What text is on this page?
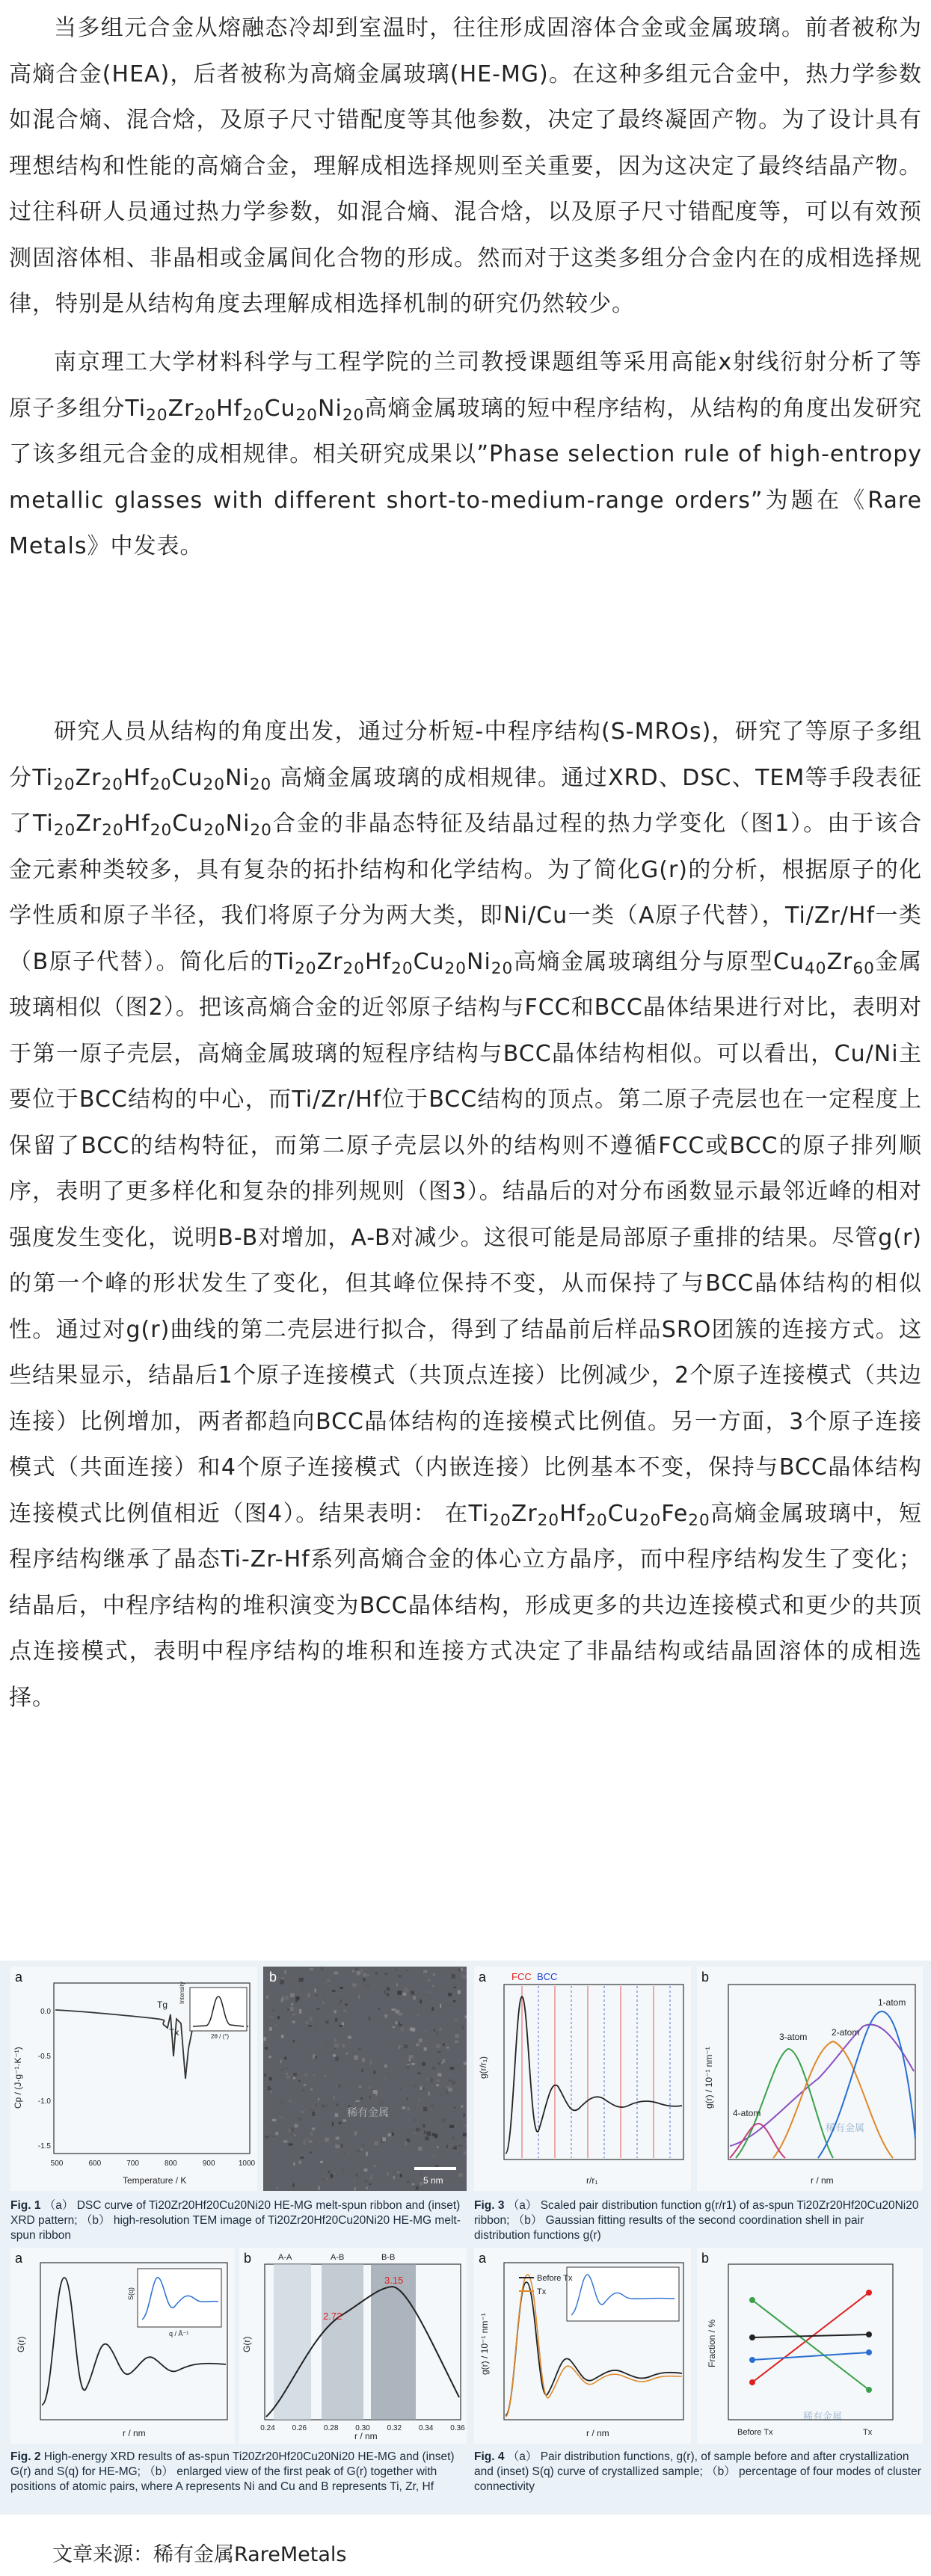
当多组元合金从熔融态冷却到室温时，往往形成固溶体合金或金属玻璃。前者被称为高熵合金(HEA)，后者被称为高熵金属玻璃(HE-MG)。在这种多组元合金中，热力学参数如混合熵、混合焓，及原子尺寸错配度等其他参数，决定了最终凝固产物。为了设计具有理想结构和性能的高熵合金，理解成相选择规则至关重要，因为这决定了最终结晶产物。过往科研人员通过热力学参数，如混合熵、混合焓，以及原子尺寸错配度等，可以有效预测固溶体相、非晶相或金属间化合物的形成。然而对于这类多组分合金内在的成相选择规律，特别是从结构角度去理解成相选择机制的研究仍然较少。

南京理工大学材料科学与工程学院的兰司教授课题组等采用高能x射线衍射分析了等原子多组分$Ti_{20}Zr_{20}Hf_{20}Cu_{20}Ni_{20}$高熵金属玻璃的短中程序结构，从结构的角度出发研究了该多组元合金的成相规律。相关研究成果以”Phase selection rule of high-entropy metallic glasses with different short-to-medium-range orders”为题在《Rare Metals》中发表。

研究人员从结构的角度出发，通过分析短-中程序结构(S-MROs)，研究了等原子多组分$Ti_{20}Zr_{20}Hf_{20}Cu_{20}Ni_{20}$ 高熵金属玻璃的成相规律。通过XRD、DSC、TEM等手段表征了$Ti_{20}Zr_{20}Hf_{20}Cu_{20}Ni_{20}$合金的非晶态特征及结晶过程的热力学变化（图1）。由于该合金元素种类较多，具有复杂的拓扑结构和化学结构。为了简化G(r)的分析，根据原子的化学性质和原子半径，我们将原子分为两大类，即Ni/Cu一类（A原子代替），Ti/Zr/Hf一类（B原子代替）。简化后的$Ti_{20}Zr_{20}Hf_{20}Cu_{20}Ni_{20}$高熵金属玻璃组分与原型$Cu_{40}Zr_{60}$金属玻璃相似（图2）。把该高熵合金的近邻原子结构与FCC和BCC晶体结果进行对比，表明对于第一原子壳层，高熵金属玻璃的短程序结构与BCC晶体结构相似。可以看出，Cu/Ni主要位于BCC结构的中心，而Ti/Zr/Hf位于BCC结构的顶点。第二原子壳层也在一定程度上保留了BCC的结构特征，而第二原子壳层以外的结构则不遵循FCC或BCC的原子排列顺序，表明了更多样化和复杂的排列规则（图3）。结晶后的对分布函数显示最邻近峰的相对强度发生变化，说明B-B对增加，A-B对减少。这很可能是局部原子重排的结果。尽管g(r)的第一个峰的形状发生了变化，但其峰位保持不变，从而保持了与BCC晶体结构的相似性。通过对g(r)曲线的第二壳层进行拟合，得到了结晶前后样品SRO团簇的连接方式。这些结果显示，结晶后1个原子连接模式（共顶点连接）比例减少，2个原子连接模式（共边连接）比例增加，两者都趋向BCC晶体结构的连接模式比例值。另一方面，3个原子连接模式（共面连接）和4个原子连接模式（内嵌连接）比例基本不变，保持与BCC晶体结构连接模式比例值相近（图4）。结果表明： 在$Ti_{20}Zr_{20}Hf_{20}Cu_{20}Fe_{20}$高熵金属玻璃中，短程序结构继承了晶态Ti-Zr-Hf系列高熵合金的体心立方晶序，而中程序结构发生了变化；结晶后，中程序结构的堆积演变为BCC晶体结构，形成更多的共边连接模式和更少的共顶点连接模式，表明中程序结构的堆积和连接方式决定了非晶结构或结晶固溶体的成相选择。

a
Tg
Tx
Intensity
2θ / (°)
500	600	700	800	900	1000
0.0
-0.5
-1.0
-1.5
Temperature / K
Cp / (J·g⁻¹·K⁻¹)
b
5 nm
稀有金属

Fig. 1 （a） DSC curve of Ti20Zr20Hf20Cu20Ni20 HE-MG melt-spun ribbon and (inset) XRD pattern; （b） high-resolution TEM image of Ti20Zr20Hf20Cu20Ni20 HE-MG melt-spun ribbon

a	FCC BCC
r/r₁
g(r/r₁)
b
3-atom	2-atom
1-atom
4-atom
r / nm
g(r) / 10⁻¹ nm⁻¹
稀有金属

Fig. 3 （a） Scaled pair distribution function g(r/r1) of as-spun Ti20Zr20Hf20Cu20Ni20 ribbon; （b） Gaussian fitting results of the second coordination shell in pair distribution functions g(r)

a
S(q)
q / Å⁻¹
r / nm
G(r)
b	A-A	A-B	B-B
2.72
3.15
0.24 0.26 0.28 0.30 0.32 0.34 0.36
r / nm
G(r)

Fig. 2 High-energy XRD results of as-spun Ti20Zr20Hf20Cu20Ni20 HE-MG and (inset) G(r) and S(q) for HE-MG; （b） enlarged view of the first peak of G(r) together with positions of atomic pairs, where A represents Ni and Cu and B represents Ti, Zr, Hf

a
Before Tx
Tx
r / nm
g(r) / 10⁻¹ nm⁻¹
b
Before Tx	Tx
Fraction / %
稀有金属

Fig. 4 （a） Pair distribution functions, g(r), of sample before and after crystallization and (inset) S(q) curve of crystallized sample; （b） percentage of four modes of cluster connectivity

文章来源：稀有金属RareMetals
